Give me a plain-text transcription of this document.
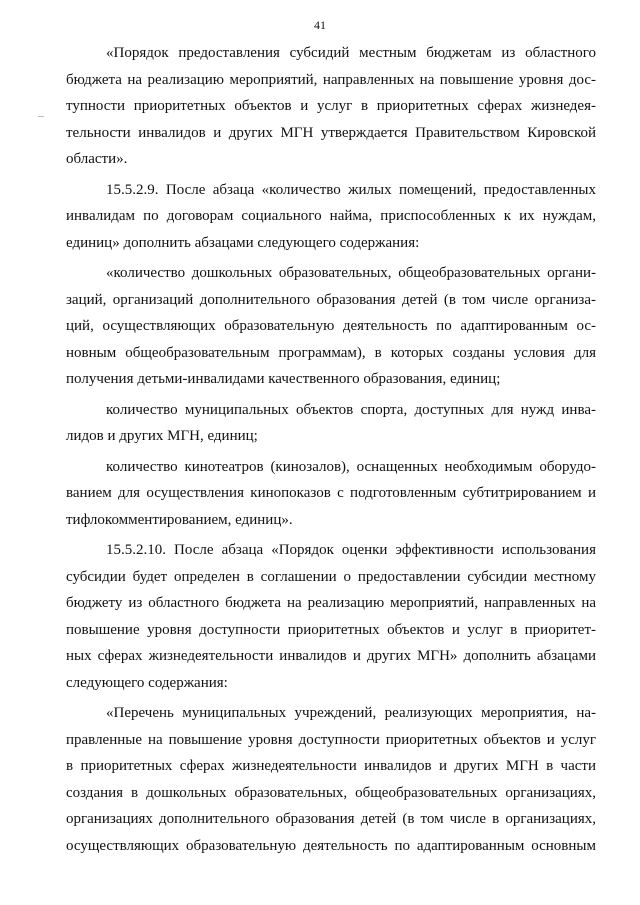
41
«Порядок предоставления субсидий местным бюджетам из областного
бюджета на реализацию мероприятий, направленных на повышение уровня дос-
тупности приоритетных объектов и услуг в приоритетных сферах жизнедея-
тельности инвалидов и других МГН утверждается Правительством Кировской
области».
15.5.2.9. После абзаца «количество жилых помещений, предоставленных
инвалидам по договорам социального найма, приспособленных к их нуждам,
единиц» дополнить абзацами следующего содержания:
«количество дошкольных образовательных, общеобразовательных органи-
заций, организаций дополнительного образования детей (в том числе организа-
ций, осуществляющих образовательную деятельность по адаптированным ос-
новным общеобразовательным программам), в которых созданы условия для
получения детьми-инвалидами качественного образования, единиц;
количество муниципальных объектов спорта, доступных для нужд инва-
лидов и других МГН, единиц;
количество кинотеатров (кинозалов), оснащенных необходимым оборудо-
ванием для осуществления кинопоказов с подготовленным субтитрированием и
тифлокомментированием, единиц».
15.5.2.10. После абзаца «Порядок оценки эффективности использования
субсидии будет определен в соглашении о предоставлении субсидии местному
бюджету из областного бюджета на реализацию мероприятий, направленных на
повышение уровня доступности приоритетных объектов и услуг в приоритет-
ных сферах жизнедеятельности инвалидов и других МГН» дополнить абзацами
следующего содержания:
«Перечень муниципальных учреждений, реализующих мероприятия, на-
правленные на повышение уровня доступности приоритетных объектов и услуг
в приоритетных сферах жизнедеятельности инвалидов и других МГН в части
создания в дошкольных образовательных, общеобразовательных организациях,
организациях дополнительного образования детей (в том числе в организациях,
осуществляющих образовательную деятельность по адаптированным основным
